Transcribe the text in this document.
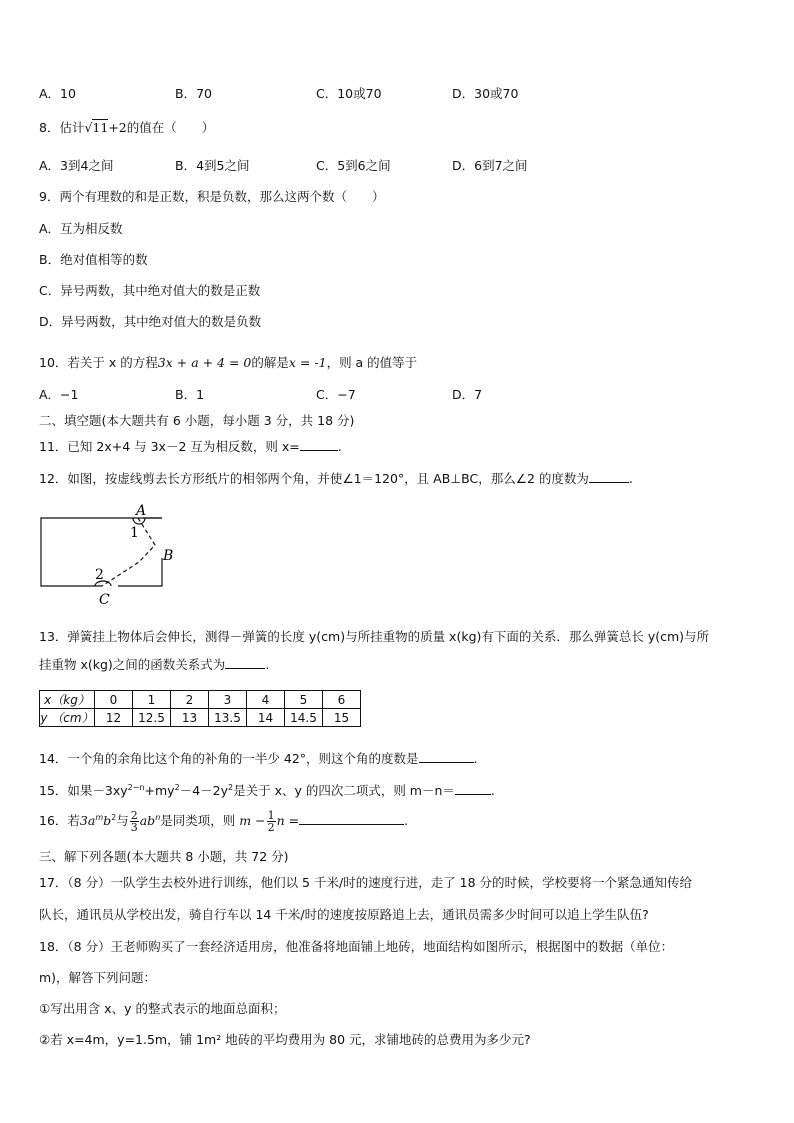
A．10	B．70	C．10或70	D．30或70
8．估计√11+2的值在（　　）
A．3到4之间	B．4到5之间	C．5到6之间	D．6到7之间
9．两个有理数的和是正数，积是负数，那么这两个数（　　）
A．互为相反数
B．绝对值相等的数
C．异号两数，其中绝对值大的数是正数
D．异号两数，其中绝对值大的数是负数
10．若关于 x 的方程3x + a + 4 = 0的解是x = -1，则 a 的值等于
A．−1	B．1	C．−7	D．7
二、填空题(本大题共有 6 小题，每小题 3 分，共 18 分)
11．已知 2x+4 与 3x－2 互为相反数，则 x=	.
12．如图，按虚线剪去长方形纸片的相邻两个角，并使∠1＝120°，且 AB⊥BC，那么∠2 的度数为	.
A
1
B
2
C
13．弹簧挂上物体后会伸长，测得－弹簧的长度 y(cm)与所挂重物的质量 x(kg)有下面的关系．那么弹簧总长 y(cm)与所
挂重物 x(kg)之间的函数关系式为	.
x（kg）	0	1	2	3	4	5	6
y （cm）	12	12.5	13	13.5	14	14.5	15
14．一个角的余角比这个角的补角的一半少 42°，则这个角的度数是	.
15．如果$-3xy^{2-n}+my^2-4-2y^2$是关于 x、y 的四次二项式，则 m－n＝	.
16．若$3a^mb^2$与 $\frac{2}{3} ab^n$是同类项，则 $m - \frac{1}{2}$ n =	.
三、解下列各题(本大题共 8 小题，共 72 分)
17．（8 分）一队学生去校外进行训练，他们以 5 千米/时的速度行进，走了 18 分的时候，学校要将一个紧急通知传给
队长，通讯员从学校出发，骑自行车以 14 千米/时的速度按原路追上去，通讯员需多少时间可以追上学生队伍?
18．（8 分）王老师购买了一套经济适用房，他准备将地面铺上地砖，地面结构如图所示，根据图中的数据（单位：
m)，解答下列问题：
①写出用含 x、y 的整式表示的地面总面积；
②若 x=4m，y=1.5m，铺 1m² 地砖的平均费用为 80 元，求铺地砖的总费用为多少元?
